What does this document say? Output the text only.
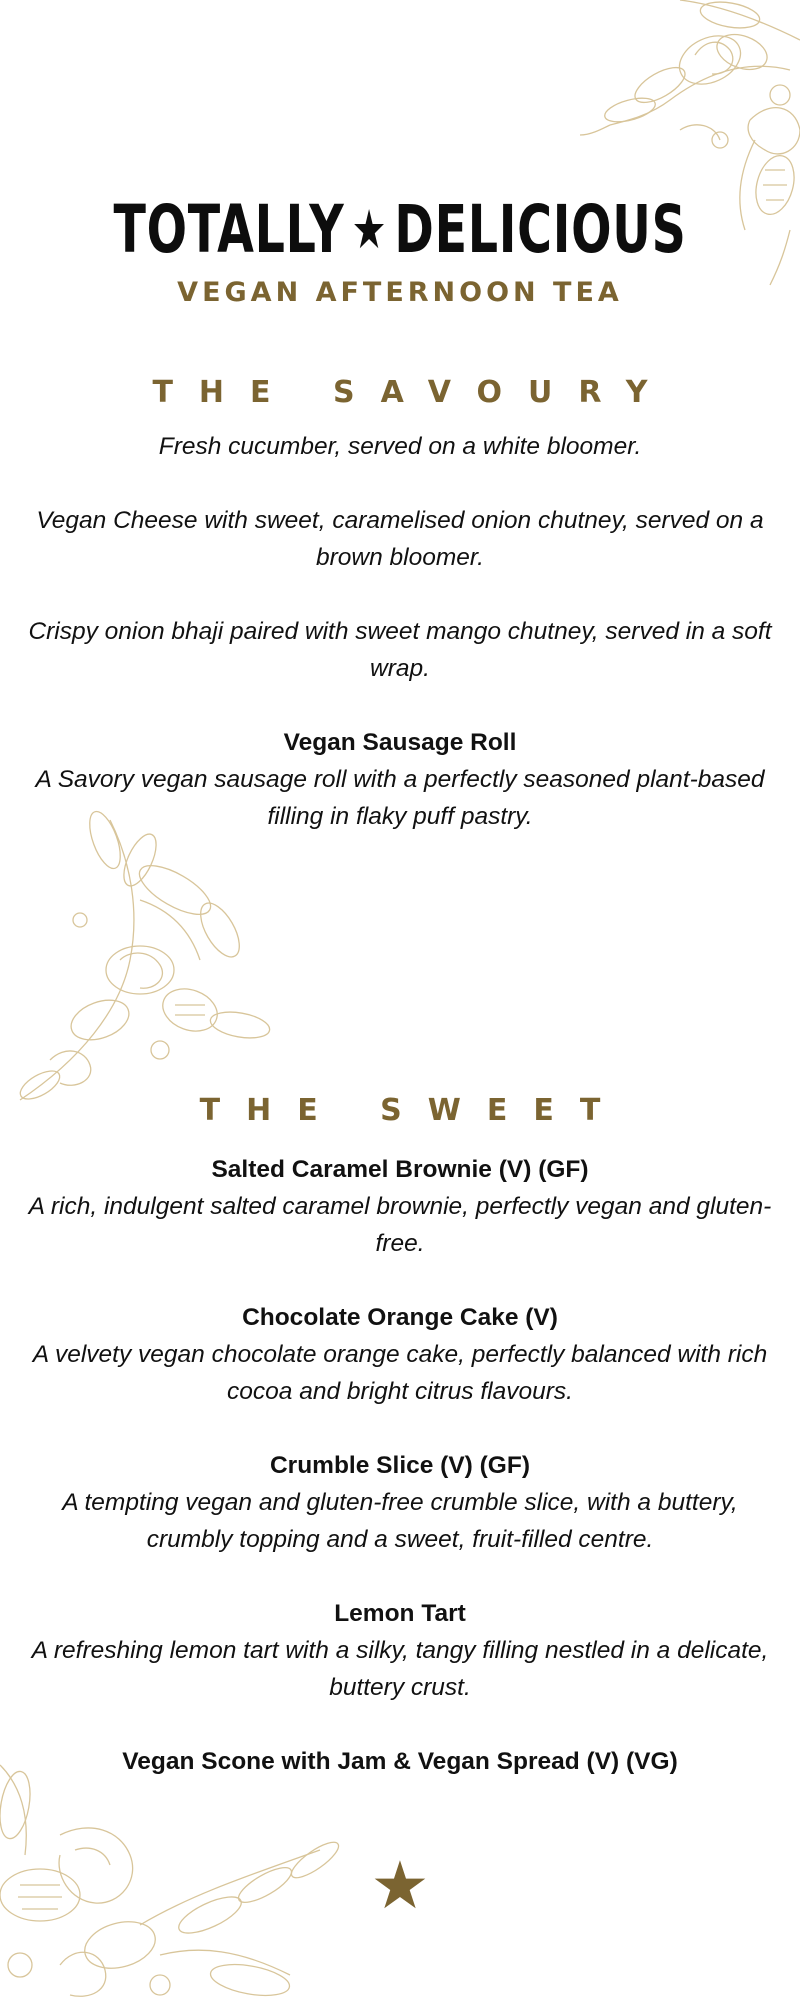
TOTALLY ★ DELICIOUS
VEGAN AFTERNOON TEA
THE SAVOURY
Fresh cucumber, served on a white bloomer.
Vegan Cheese with sweet, caramelised onion chutney, served on a brown bloomer.
Crispy onion bhaji paired with sweet mango chutney, served in a soft wrap.
Vegan Sausage Roll
A Savory vegan sausage roll with a perfectly seasoned plant-based filling in flaky puff pastry.
THE SWEET
Salted Caramel Brownie (V) (GF)
A rich, indulgent salted caramel brownie, perfectly vegan and gluten-free.
Chocolate Orange Cake (V)
A velvety vegan chocolate orange cake, perfectly balanced with rich cocoa and bright citrus flavours.
Crumble Slice (V) (GF)
A tempting vegan and gluten-free crumble slice, with a buttery, crumbly topping and a sweet, fruit-filled centre.
Lemon Tart
A refreshing lemon tart with a silky, tangy filling nestled in a delicate, buttery crust.
Vegan Scone with Jam & Vegan Spread (V) (VG)
★
